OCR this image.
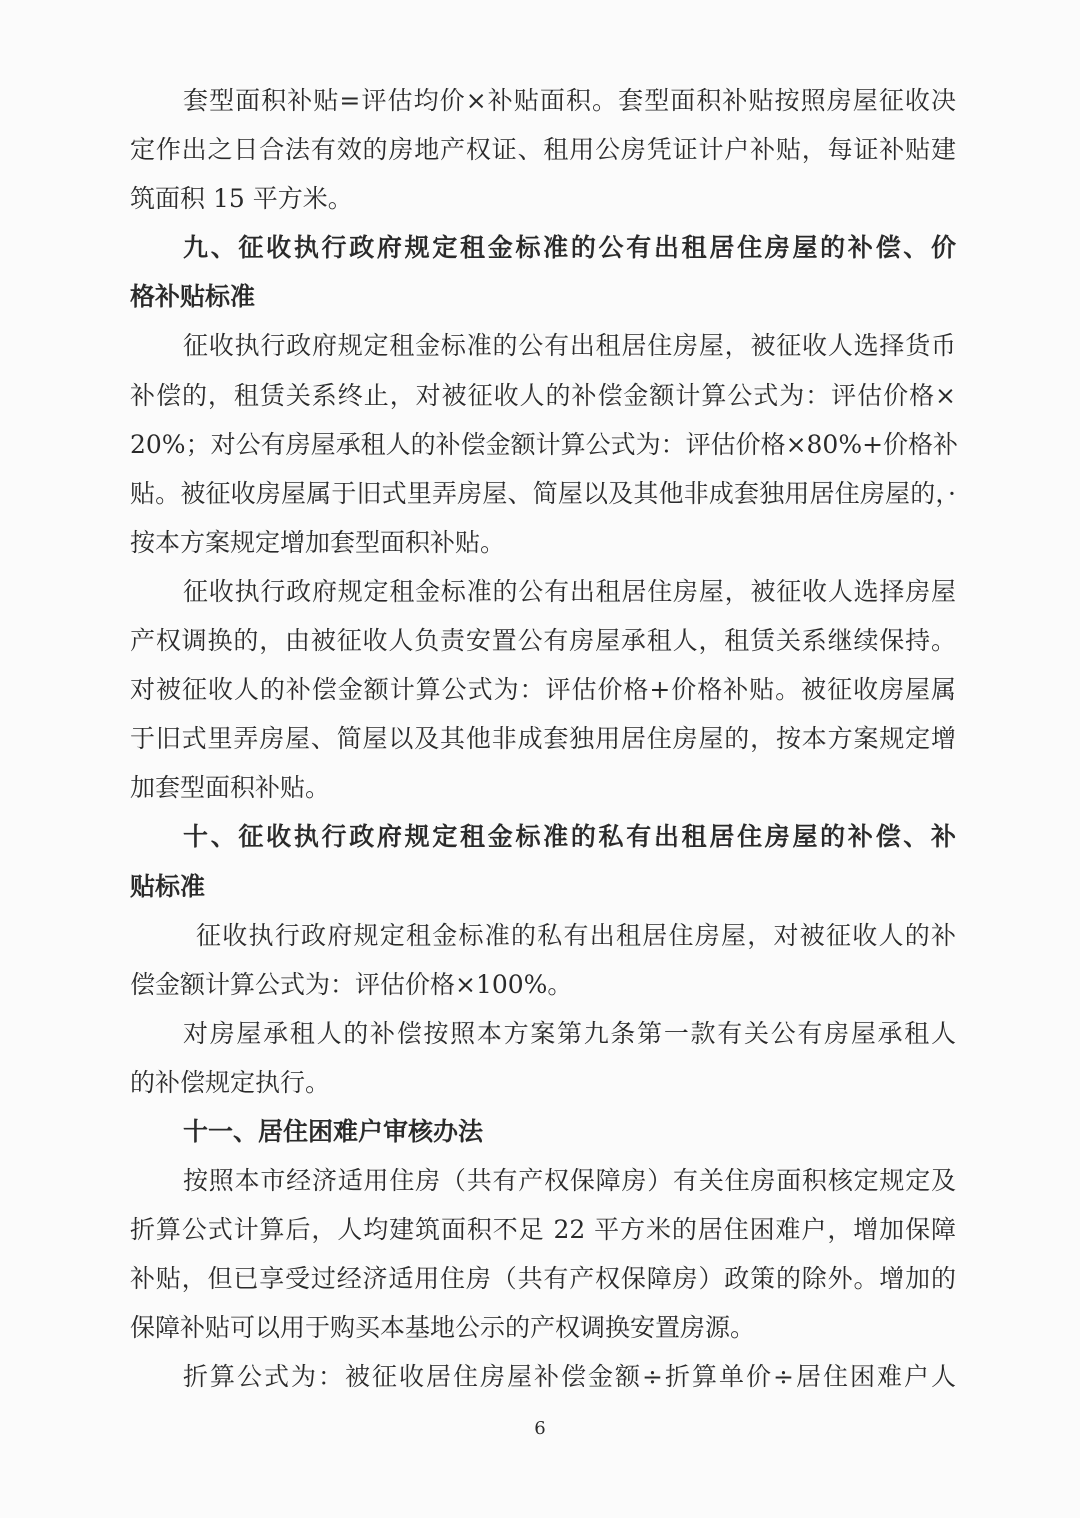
套型面积补贴=评估均价×补贴面积。套型面积补贴按照房屋征收决
定作出之日合法有效的房地产权证、租用公房凭证计户补贴，每证补贴建
筑面积 15 平方米。
九、征收执行政府规定租金标准的公有出租居住房屋的补偿、价
格补贴标准
征收执行政府规定租金标准的公有出租居住房屋，被征收人选择货币
补偿的，租赁关系终止，对被征收人的补偿金额计算公式为：评估价格×
20%；对公有房屋承租人的补偿金额计算公式为：评估价格×80%+价格补
贴。被征收房屋属于旧式里弄房屋、简屋以及其他非成套独用居住房屋的，·
按本方案规定增加套型面积补贴。
征收执行政府规定租金标准的公有出租居住房屋，被征收人选择房屋
产权调换的，由被征收人负责安置公有房屋承租人，租赁关系继续保持。
对被征收人的补偿金额计算公式为：评估价格+价格补贴。被征收房屋属
于旧式里弄房屋、简屋以及其他非成套独用居住房屋的，按本方案规定增
加套型面积补贴。
十、征收执行政府规定租金标准的私有出租居住房屋的补偿、补
贴标准
征收执行政府规定租金标准的私有出租居住房屋，对被征收人的补
偿金额计算公式为：评估价格×100%。
对房屋承租人的补偿按照本方案第九条第一款有关公有房屋承租人
的补偿规定执行。
十一、居住困难户审核办法
按照本市经济适用住房（共有产权保障房）有关住房面积核定规定及
折算公式计算后，人均建筑面积不足 22 平方米的居住困难户，增加保障
补贴，但已享受过经济适用住房（共有产权保障房）政策的除外。增加的
保障补贴可以用于购买本基地公示的产权调换安置房源。
折算公式为：被征收居住房屋补偿金额÷折算单价÷居住困难户人
6
